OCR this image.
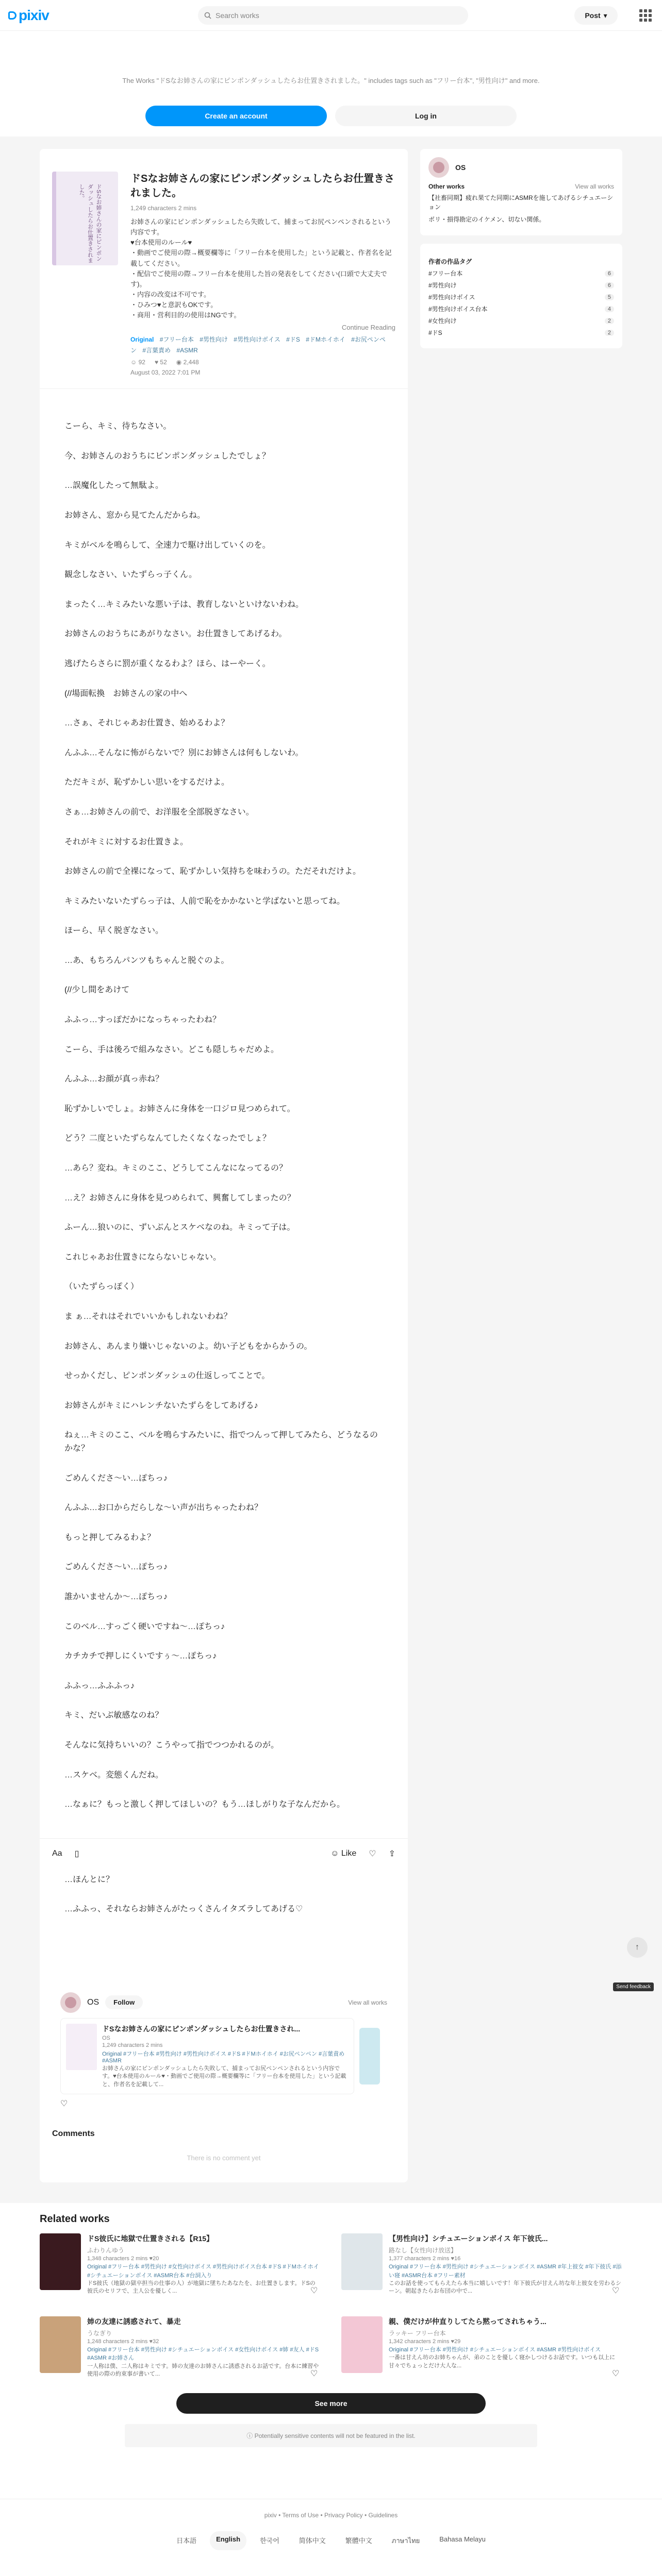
pixiv	Search works	Post ▾
The Works "ドSなお姉さんの家にピンポンダッシュしたらお仕置きされました。" includes tags such as "フリー台本", "男性向け" and more.
Create an account	Log in
ドSなお姉さんの家にピンポンダッシュしたらお仕置きされました。
ドSなお姉さんの家にピンポンダッシュしたらお仕置きされました。
1,249 characters 2 mins
お姉さんの家にピンポンダッシュしたら失敗して、捕まってお尻ペンペンされるという内容です。
♥台本使用のルール♥
・動画でご使用の際→概要欄等に「フリー台本を使用した」という記載と、作者名を記載してください。
・配信でご使用の際→フリー台本を使用した旨の発表をしてください(口頭で大丈夫です)。
・内容の改変は不可です。
・ひみつ♥と意訳もOKです。
・商用・営利目的の使用はNGです。
Continue Reading
Original #フリー台本 #男性向け #男性向けボイス #ドS #ドMホイホイ #お尻ペンペン #言葉責め #ASMR
☺ 92 ♥ 52 ◉ 2,448
August 03, 2022 7:01 PM

こーら、キミ、待ちなさい。

今、お姉さんのおうちにピンポンダッシュしたでしょ？

…誤魔化したって無駄よ。

お姉さん、窓から見てたんだからね。

キミがベルを鳴らして、全速力で駆け出していくのを。

観念しなさい、いたずらっ子くん。

まったく…キミみたいな悪い子は、教育しないといけないわね。

お姉さんのおうちにあがりなさい。お仕置きしてあげるわ。

逃げたらさらに罰が重くなるわよ？ほら、はーやーく。

(//場面転換　お姉さんの家の中へ

…さぁ、それじゃあお仕置き、始めるわよ？

んふふ…そんなに怖がらないで？別にお姉さんは何もしないわ。

ただキミが、恥ずかしい思いをするだけよ。

さぁ…お姉さんの前で、お洋服を全部脱ぎなさい。

それがキミに対するお仕置きよ。

お姉さんの前で全裸になって、恥ずかしい気持ちを味わうの。ただそれだけよ。

キミみたいないたずらっ子は、人前で恥をかかないと学ばないと思ってね。

ほーら、早く脱ぎなさい。

…あ、もちろんパンツもちゃんと脱ぐのよ。

(//少し間をあけて

ふふっ…すっぽだかになっちゃったわね？

こーら、手は後ろで組みなさい。どこも隠しちゃだめよ。

んふふ…お顔が真っ赤ね？

恥ずかしいでしょ。お姉さんに身体を一口ジロ見つめられて。

どう？二度といたずらなんてしたくなくなったでしょ？

…あら？変ね。キミのここ、どうしてこんなになってるの？

…え？お姉さんに身体を見つめられて、興奮してしまったの？

ふーん…狼いのに、ずいぶんとスケベなのね。キミって子は。

これじゃあお仕置きにならないじゃない。

（いたずらっぽく）

ま ぁ…それはそれでいいかもしれないわね？

お姉さん、あんまり嫌いじゃないのよ。幼い子どもをからかうの。

せっかくだし、ピンポンダッシュの仕返しってことで。

お姉さんがキミにハレンチないたずらをしてあげる♪

ねぇ…キミのここ、ベルを鳴らすみたいに、指でつんって押してみたら、どうなるのかな？

ごめんくださ〜い…ぽちっ♪

んふふ…お口からだらしな〜い声が出ちゃったわね？

もっと押してみるわよ？

ごめんくださ〜い…ぽちっ♪

誰かいませんか〜…ぽちっ♪

このベル…すっごく硬いですね〜…ぽちっ♪

カチカチで押しにくいですぅ〜…ぽちっ♪

ふふっ…ふふふっ♪

キミ、だいぶ敏感なのね？

そんなに気持ちいいの？こうやって指でつつかれるのが。

…スケベ。変態くんだね。

…なぁに？もっと激しく押してほしいの？もう…ほしがりな子なんだから。

Aa ▯	☺ Like ♡ ⇪

…ほんとに？

…ふふっ、それならお姉さんがたっくさんイタズラしてあげる♡

OS	Follow	View all works
ドSなお姉さんの家にピンポンダッシュしたらお仕置きされ...
OS
1,249 characters 2 mins
Original #フリー台本 #男性向け #男性向けボイス #ドS #ドMホイホイ #お尻ペンペン #言葉責め #ASMR
お姉さんの家にピンポンダッシュしたら失敗して、捕まってお尻ペンペンされるという内容です。♥台本使用のルール♥・動画でご使用の際→概要欄等に「フリー台本を使用した」という記載と、作者名を記載して...
♡
Comments
There is no comment yet
OS
Other works	View all works
【社畜同期】疲れ果てた同期にASMRを施してあげるシチュエーション
ボリ・損得勘定のイケメン、切ない関係。
作者の作品タグ
#フリー台本	6
#男性向け	6
#男性向けボイス	5
#男性向けボイス台本	4
#女性向け	2
#ドS	2
Related works
ドS彼氏に地獄で仕置きされる【R15】
ふわりんゆう
1,348 characters 2 mins ♥20
Original #フリー台本 #男性向け #女性向けボイス #男性向けボイス台本 #ドS #ドMホイホイ #シチュエーションボイス #ASMR台本 #台詞入り
ドS彼氏（地獄の獄卒担当の仕事の人）が地獄に墜ちたあなたを、お仕置きします。ドSの彼氏のセリフで、主人公を優しく...	♡
【男性向け】シチュエーションボイス 年下彼氏...
路なし【女性向け放送】
1,377 characters 2 mins ♥16
Original #フリー台本 #男性向け #シチュエーションボイス #ASMR #年上彼女 #年下彼氏 #添い寝 #ASMR台本 #フリー素材
このお話を使ってもらえたら本当に嬉しいです！年下彼氏が甘えん坊な年上彼女を労わるシーン。朝起きたらお布団の中で...	♡
姉の友達に誘惑されて、暴走
うなぎり
1,248 characters 2 mins ♥32
Original #フリー台本 #男性向け #シチュエーションボイス #女性向けボイス #姉 #友人 #ドS #ASMR #お姉さん
一人称は僕、二人称はキミです。姉の友達のお姉さんに誘惑されるお話です。台本に練習や使用の際の約束事が書いて...	♡
親、僕だけが仲直りしてたら黙ってされちゃう...
ラッキー フリー台本
1,342 characters 2 mins ♥29
Original #フリー台本 #男性向け #シチュエーションボイス #ASMR #男性向けボイス
一番は甘えん坊のお姉ちゃんが、弟のことを優しく寝かしつけるお話です。いつも以上に甘々でちょっとだけ大人な...
♡
See more
ⓘ Potentially sensitive contents will not be featured in the list.
pixiv • Terms of Use • Privacy Policy • Guidelines
日本語	English	한국어	简体中文	繁體中文	ภาษาไทย	Bahasa Melayu
↑
Send feedback
